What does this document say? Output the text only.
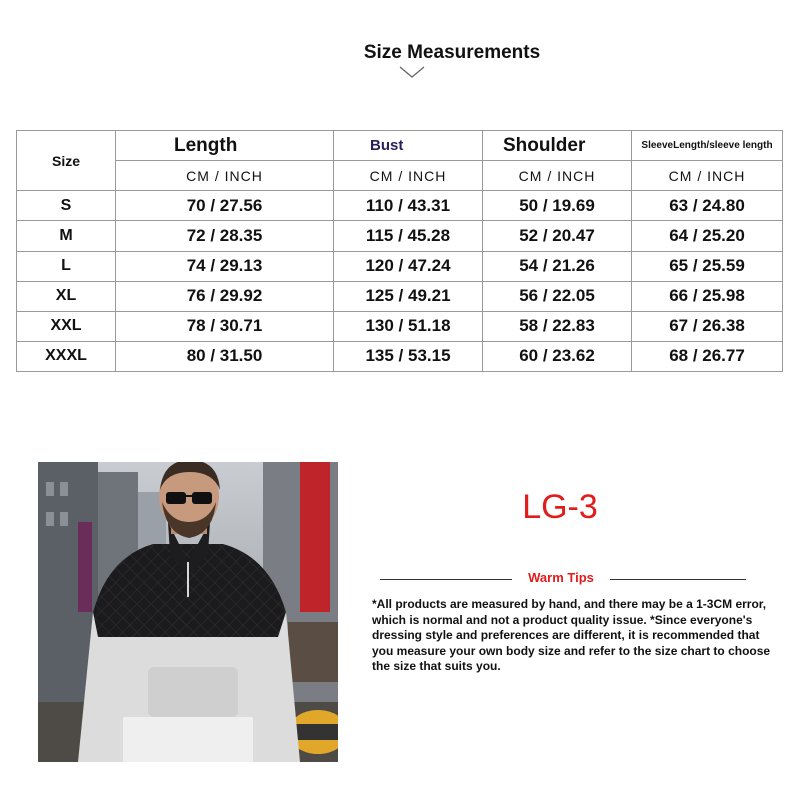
Size Measurements
Size	Length	Bust	Shoulder	SleeveLength/sleeve length
	CM / INCH	CM / INCH	CM / INCH	CM / INCH
S	70 / 27.56	110 / 43.31	50 / 19.69	63 / 24.80
M	72 / 28.35	115 / 45.28	52 / 20.47	64 / 25.20
L	74 / 29.13	120 / 47.24	54 / 21.26	65 / 25.59
XL	76 / 29.92	125 / 49.21	56 / 22.05	66 / 25.98
XXL	78 / 30.71	130 / 51.18	58 / 22.83	67 / 26.38
XXXL	80 / 31.50	135 / 53.15	60 / 23.62	68 / 26.77
LG-3
Warm Tips
*All products are measured by hand, and there may be a 1-3CM error, which is normal and not a product quality issue. *Since everyone's dressing style and preferences are different, it is recommended that you measure your own body size and refer to the size chart to choose the size that suits you.
